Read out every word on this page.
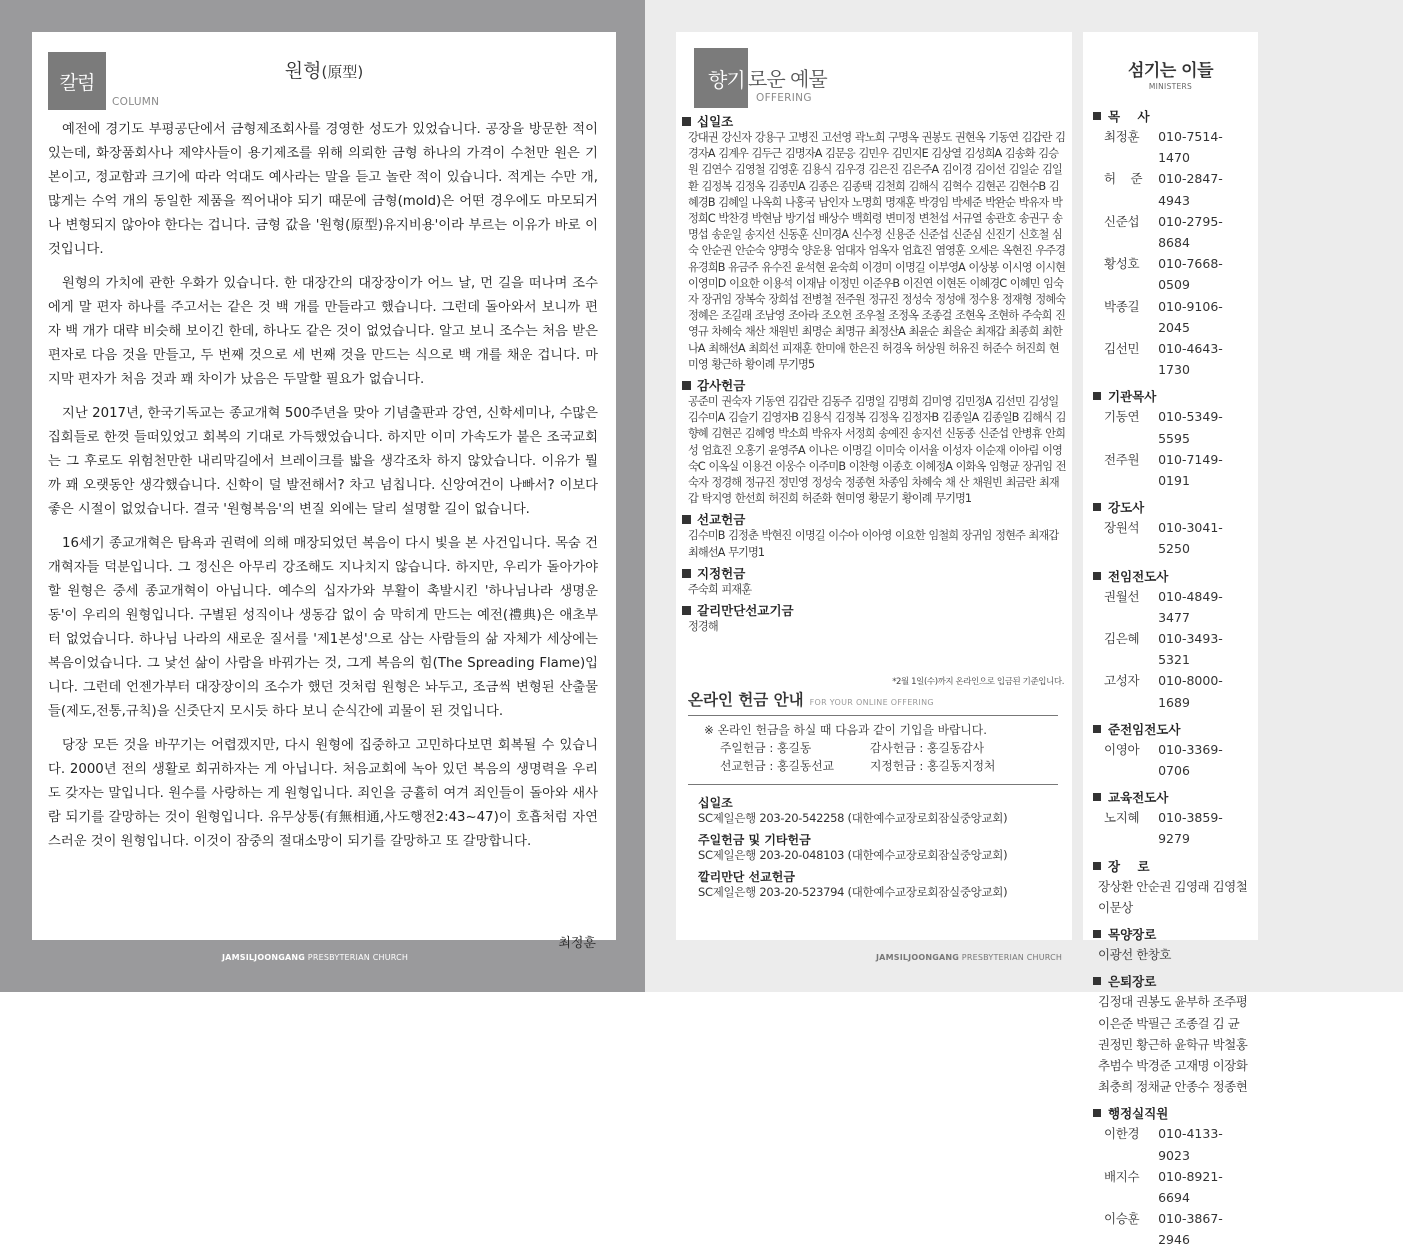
칼럼
COLUMN
원형(原型)

예전에 경기도 부평공단에서 금형제조회사를 경영한 성도가 있었습니다. 공장을 방문한 적이 있는데, 화장품회사나 제약사들이 용기제조를 위해 의뢰한 금형 하나의 가격이 수천만 원은 기본이고, 정교함과 크기에 따라 억대도 예사라는 말을 듣고 놀란 적이 있습니다. 적게는 수만 개, 많게는 수억 개의 동일한 제품을 찍어내야 되기 때문에 금형(mold)은 어떤 경우에도 마모되거나 변형되지 않아야 한다는 겁니다. 금형 값을 '원형(原型)유지비용'이라 부르는 이유가 바로 이것입니다.

원형의 가치에 관한 우화가 있습니다. 한 대장간의 대장장이가 어느 날, 먼 길을 떠나며 조수에게 말 편자 하나를 주고서는 같은 것 백 개를 만들라고 했습니다. 그런데 돌아와서 보니까 편자 백 개가 대략 비슷해 보이긴 한데, 하나도 같은 것이 없었습니다. 알고 보니 조수는 처음 받은 편자로 다음 것을 만들고, 두 번째 것으로 세 번째 것을 만드는 식으로 백 개를 채운 겁니다. 마지막 편자가 처음 것과 꽤 차이가 났음은 두말할 필요가 없습니다.

지난 2017년, 한국기독교는 종교개혁 500주년을 맞아 기념출판과 강연, 신학세미나, 수많은 집회들로 한껏 들떠있었고 회복의 기대로 가득했었습니다. 하지만 이미 가속도가 붙은 조국교회는 그 후로도 위험천만한 내리막길에서 브레이크를 밟을 생각조차 하지 않았습니다. 이유가 뭘까 꽤 오랫동안 생각했습니다. 신학이 덜 발전해서? 차고 넘칩니다. 신앙여건이 나빠서? 이보다 좋은 시절이 없었습니다. 결국 '원형복음'의 변질 외에는 달리 설명할 길이 없습니다.

16세기 종교개혁은 탐욕과 권력에 의해 매장되었던 복음이 다시 빛을 본 사건입니다. 목숨 건 개혁자들 덕분입니다. 그 정신은 아무리 강조해도 지나치지 않습니다. 하지만, 우리가 돌아가야 할 원형은 중세 종교개혁이 아닙니다. 예수의 십자가와 부활이 촉발시킨 '하나님나라 생명운동'이 우리의 원형입니다. 구별된 성직이나 생동감 없이 숨 막히게 만드는 예전(禮典)은 애초부터 없었습니다. 하나님 나라의 새로운 질서를 '제1본성'으로 삼는 사람들의 삶 자체가 세상에는 복음이었습니다. 그 낯선 삶이 사람을 바꿔가는 것, 그게 복음의 힘(The Spreading Flame)입니다. 그런데 언젠가부터 대장장이의 조수가 했던 것처럼 원형은 놔두고, 조금씩 변형된 산출물들(제도,전통,규칙)을 신줏단지 모시듯 하다 보니 순식간에 괴물이 된 것입니다.

당장 모든 것을 바꾸기는 어렵겠지만, 다시 원형에 집중하고 고민하다보면 회복될 수 있습니다. 2000년 전의 생활로 회귀하자는 게 아닙니다. 처음교회에 녹아 있던 복음의 생명력을 우리도 갖자는 말입니다. 원수를 사랑하는 게 원형입니다. 죄인을 긍휼히 여겨 죄인들이 돌아와 새사람 되기를 갈망하는 것이 원형입니다. 유무상통(有無相通,사도행전2:43~47)이 호흡처럼 자연스러운 것이 원형입니다. 이것이 잠중의 절대소망이 되기를 갈망하고 또 갈망합니다.

최정훈
JAMSILJOONGANG PRESBYTERIAN CHURCH
향기 로운 예물
OFFERING
십일조
강대권 강신자 강용구 고병진 고선영 곽노희 구명옥 권봉도 권현옥 기동연 김갑란 김경자A 김계우 김두근 김명자A 김문응 김민우 김민지E 김상열 김성희A 김송화 김승원 김연수 김영철 김영훈 김용식 김우경 김은진 김은주A 김이경 김이선 김일순 김일환 김정복 김정옥 김종민A 김종은 김종택 김천희 김해식 김혁수 김현곤 김현수B 김혜경B 김혜일 나옥희 나홍국 남인자 노명희 명재훈 박경임 박세준 박완순 박유자 박정희C 박찬경 박현남 방기섭 배상수 백희령 변미정 변천섭 서규열 송관호 송권구 송명섭 송운일 송지선 신동훈 신미경A 신수정 신용준 신준섭 신준심 신진기 신호철 심숙 안순권 안순숙 양명숙 양운용 엄대자 엄옥자 엄효진 염영훈 오세은 옥현진 우주경 유경희B 유금주 유수진 윤석현 윤숙희 이경미 이명길 이부영A 이상봉 이시영 이시현 이영미D 이요한 이용석 이재남 이정민 이준우B 이진연 이현돈 이혜경C 이혜민 임숙자 장귀임 장복숙 장희섭 전병철 전주원 정규진 정성숙 정성애 정수용 정재형 정혜숙 정혜은 조길래 조남영 조아라 조오헌 조우철 조정옥 조종걸 조현옥 조현하 주숙희 진영규 차혜숙 채산 채원빈 최명순 최명규 최정산A 최윤순 최을순 최재갑 최종희 최한나A 최해선A 최희선 피재훈 한미애 한은진 허경옥 허상원 허유진 허준수 허진희 현미영 황근하 황이례 무기명5
감사헌금
공준미 권숙자 기동연 김갑란 김동주 김명일 김명희 김미영 김민정A 김선민 김성일 김수미A 김슬기 김영자B 김용식 김정복 김정옥 김정자B 김종일A 김종일B 김해식 김향혜 김현곤 김혜영 박소희 박유자 서정희 송예진 송지선 신동종 신준섭 안병휴 안희성 엄효진 오홍기 윤영주A 이나은 이명길 이미숙 이서율 이성자 이순재 이아림 이영숙C 이옥실 이용건 이웅수 이주미B 이찬형 이종호 이혜정A 이화옥 임형균 장귀임 전숙자 정경해 정규진 정민영 정성숙 정종현 차종임 차혜숙 채 산 채원빈 최금란 최재갑 탁지영 한선희 허진희 허준화 현미영 황문기 황이례 무기명1
선교헌금
김수미B 김정춘 박현진 이명길 이수아 이아영 이요한 임철희 장귀임 정현주 최재갑 최해선A 무기명1
지정헌금
주숙희 피재훈
갈리만단선교기금
정경해
*2월 1일(수)까지 온라인으로 입금된 기준입니다.
온라인 헌금 안내 FOR YOUR ONLINE OFFERING
※ 온라인 헌금을 하실 때 다음과 같이 기입을 바랍니다.
주일헌금 : 홍길동	감사헌금 : 홍길동감사
선교헌금 : 홍길동선교	지정헌금 : 홍길동지정처
십일조
SC제일은행 203-20-542258 (대한예수교장로회잠실중앙교회)
주일헌금 및 기타헌금
SC제일은행 203-20-048103 (대한예수교장로회잠실중앙교회)
깔리만단 선교헌금
SC제일은행 203-20-523794 (대한예수교장로회잠실중앙교회)
JAMSILJOONGANG PRESBYTERIAN CHURCH
섬기는 이들
MINISTERS
목    사
최정훈	010-7514-1470
허    준	010-2847-4943
신준섭	010-2795-8684
황성호	010-7668-0509
박종길	010-9106-2045
김선민	010-4643-1730
기관목사
기동연	010-5349-5595
전주원	010-7149-0191
강도사
장원석	010-3041-5250
전임전도사
권월선	010-4849-3477
김은혜	010-3493-5321
고성자	010-8000-1689
준전임전도사
이영아	010-3369-0706
교육전도사
노지혜	010-3859-9279
장    로
장상환 안순권 김영래 김영철 이문상
목양장로
이광선 한창호
은퇴장로
김정대 권봉도 윤부하 조주평 이은준 박필근 조종걸 김 균 권정민 황근하 윤학규 박철홍 추범수 박경준 고재명 이장화 최충희 정채균 안종수 정종현
행정실직원
이한경	010-4133-9023
배지수	010-8921-6694
이승훈	010-3867-2946
